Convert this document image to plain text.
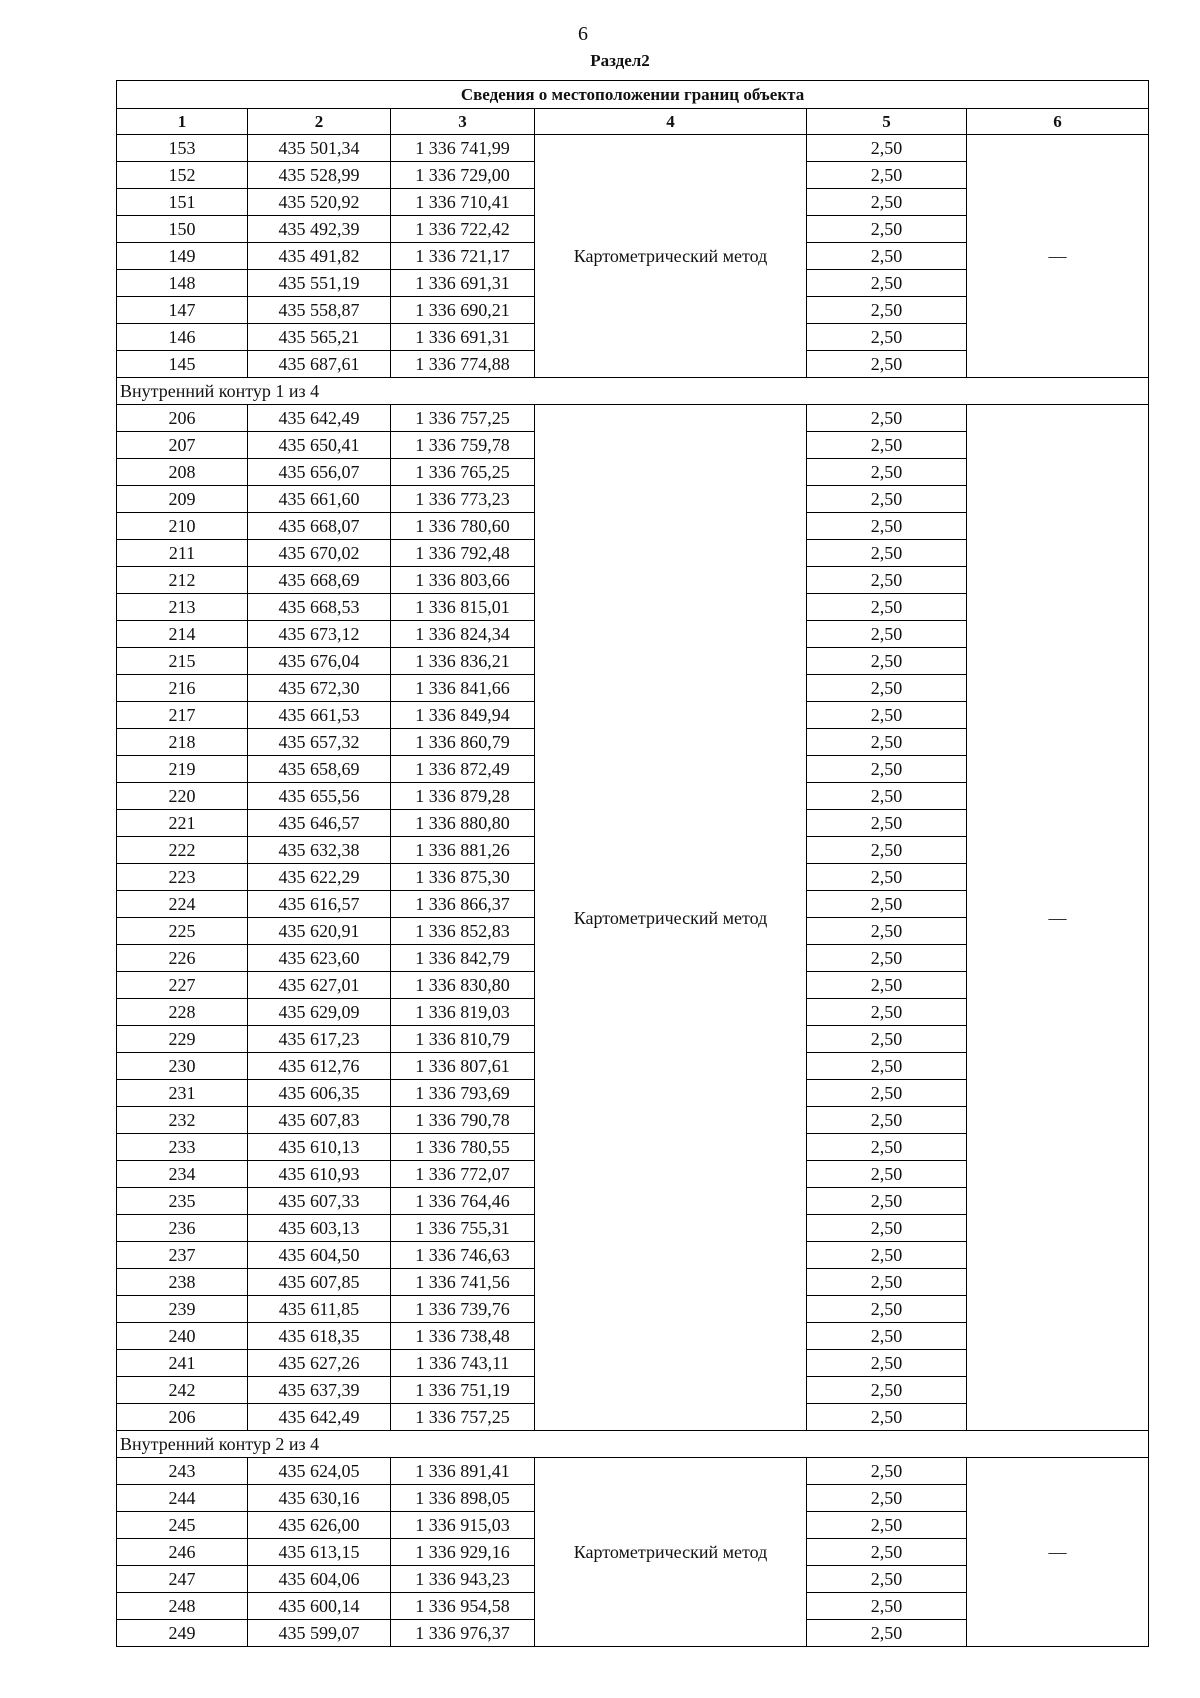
6
Раздел2
Сведения о местоположении границ объекта					
1	2	3	4	5	6
153	435 501,34	1 336 741,99	Картометрический метод	2,50	—
152	435 528,99	1 336 729,00		2,50	
151	435 520,92	1 336 710,41		2,50	
150	435 492,39	1 336 722,42		2,50	
149	435 491,82	1 336 721,17		2,50	
148	435 551,19	1 336 691,31		2,50	
147	435 558,87	1 336 690,21		2,50	
146	435 565,21	1 336 691,31		2,50	
145	435 687,61	1 336 774,88		2,50	
Внутренний контур 1 из 4					
206	435 642,49	1 336 757,25	Картометрический метод	2,50	—
207	435 650,41	1 336 759,78		2,50	
208	435 656,07	1 336 765,25		2,50	
209	435 661,60	1 336 773,23		2,50	
210	435 668,07	1 336 780,60		2,50	
211	435 670,02	1 336 792,48		2,50	
212	435 668,69	1 336 803,66		2,50	
213	435 668,53	1 336 815,01		2,50	
214	435 673,12	1 336 824,34		2,50	
215	435 676,04	1 336 836,21		2,50	
216	435 672,30	1 336 841,66		2,50	
217	435 661,53	1 336 849,94		2,50	
218	435 657,32	1 336 860,79		2,50	
219	435 658,69	1 336 872,49		2,50	
220	435 655,56	1 336 879,28		2,50	
221	435 646,57	1 336 880,80		2,50	
222	435 632,38	1 336 881,26		2,50	
223	435 622,29	1 336 875,30		2,50	
224	435 616,57	1 336 866,37		2,50	
225	435 620,91	1 336 852,83		2,50	
226	435 623,60	1 336 842,79		2,50	
227	435 627,01	1 336 830,80		2,50	
228	435 629,09	1 336 819,03		2,50	
229	435 617,23	1 336 810,79		2,50	
230	435 612,76	1 336 807,61		2,50	
231	435 606,35	1 336 793,69		2,50	
232	435 607,83	1 336 790,78		2,50	
233	435 610,13	1 336 780,55		2,50	
234	435 610,93	1 336 772,07		2,50	
235	435 607,33	1 336 764,46		2,50	
236	435 603,13	1 336 755,31		2,50	
237	435 604,50	1 336 746,63		2,50	
238	435 607,85	1 336 741,56		2,50	
239	435 611,85	1 336 739,76		2,50	
240	435 618,35	1 336 738,48		2,50	
241	435 627,26	1 336 743,11		2,50	
242	435 637,39	1 336 751,19		2,50	
206	435 642,49	1 336 757,25		2,50	
Внутренний контур 2 из 4					
243	435 624,05	1 336 891,41	Картометрический метод	2,50	—
244	435 630,16	1 336 898,05		2,50	
245	435 626,00	1 336 915,03		2,50	
246	435 613,15	1 336 929,16		2,50	
247	435 604,06	1 336 943,23		2,50	
248	435 600,14	1 336 954,58		2,50	
249	435 599,07	1 336 976,37		2,50	
